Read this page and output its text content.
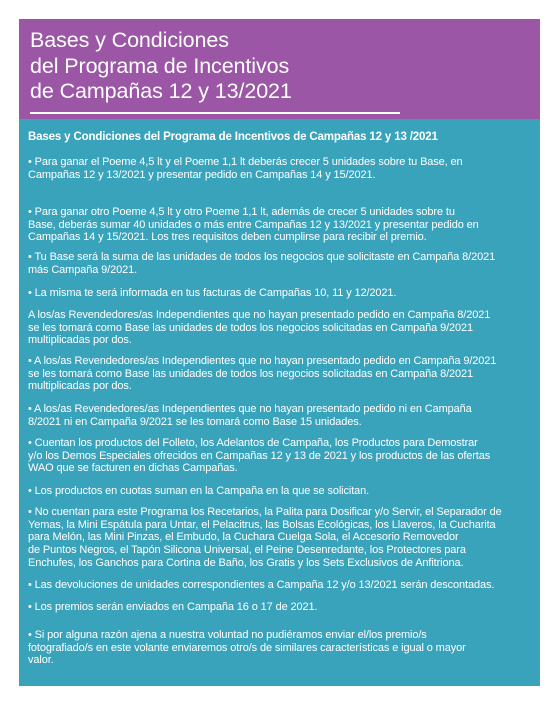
Bases y Condiciones
del Programa de Incentivos
de Campañas 12 y 13/2021
Bases y Condiciones del Programa de Incentivos de Campañas 12 y 13 /2021

• Para ganar el Poeme 4,5 lt y el Poeme 1,1 lt deberás crecer 5 unidades sobre tu Base, en
Campañas 12 y 13/2021 y presentar pedido en Campañas 14 y 15/2021.

• Para ganar otro Poeme 4,5 lt y otro Poeme 1,1 lt, además de crecer 5 unidades sobre tu
Base, deberás sumar 40 unidades o más entre Campañas 12 y 13/2021 y presentar pedido en
Campañas 14 y 15/2021. Los tres requisitos deben cumplirse para recibir el premio.

• Tu Base será la suma de las unidades de todos los negocios que solicitaste en Campaña 8/2021
más Campaña 9/2021.

• La misma te será informada en tus facturas de Campañas 10, 11 y 12/2021.

A los/as Revendedores/as Independientes que no hayan presentado pedido en Campaña 8/2021
se les tomará como Base las unidades de todos los negocios solicitadas en Campaña 9/2021
multiplicadas por dos.

• A los/as Revendedores/as Independientes que no hayan presentado pedido en Campaña 9/2021
se les tomará como Base las unidades de todos los negocios solicitadas en Campaña 8/2021
multiplicadas por dos.

• A los/as Revendedores/as Independientes que no hayan presentado pedido ni en Campaña
8/2021 ni en Campaña 9/2021 se les tomará como Base 15 unidades.

• Cuentan los productos del Folleto, los Adelantos de Campaña, los Productos para Demostrar
y/o los Demos Especiales ofrecidos en Campañas 12 y 13 de 2021 y los productos de las ofertas
WAO que se facturen en dichas Campañas.

• Los productos en cuotas suman en la Campaña en la que se solicitan.

• No cuentan para este Programa los Recetarios, la Palita para Dosificar y/o Servir, el Separador de
Yemas, la Mini Espátula para Untar, el Pelacitrus, las Bolsas Ecológicas, los Llaveros, la Cucharita
para Melón, las Mini Pinzas, el Embudo, la Cuchara Cuelga Sola, el Accesorio Removedor
de Puntos Negros, el Tapón Silicona Universal, el Peine Desenredante, los Protectores para
Enchufes, los Ganchos para Cortina de Baño, los Gratis y los Sets Exclusivos de Anfitriona.

• Las devoluciones de unidades correspondientes a Campaña 12 y/o 13/2021 serán descontadas.

• Los premios serán enviados en Campaña 16 o 17 de 2021.

• Si por alguna razón ajena a nuestra voluntad no pudiéramos enviar el/los premio/s
fotografiado/s en este volante enviaremos otro/s de similares características e igual o mayor
valor.
